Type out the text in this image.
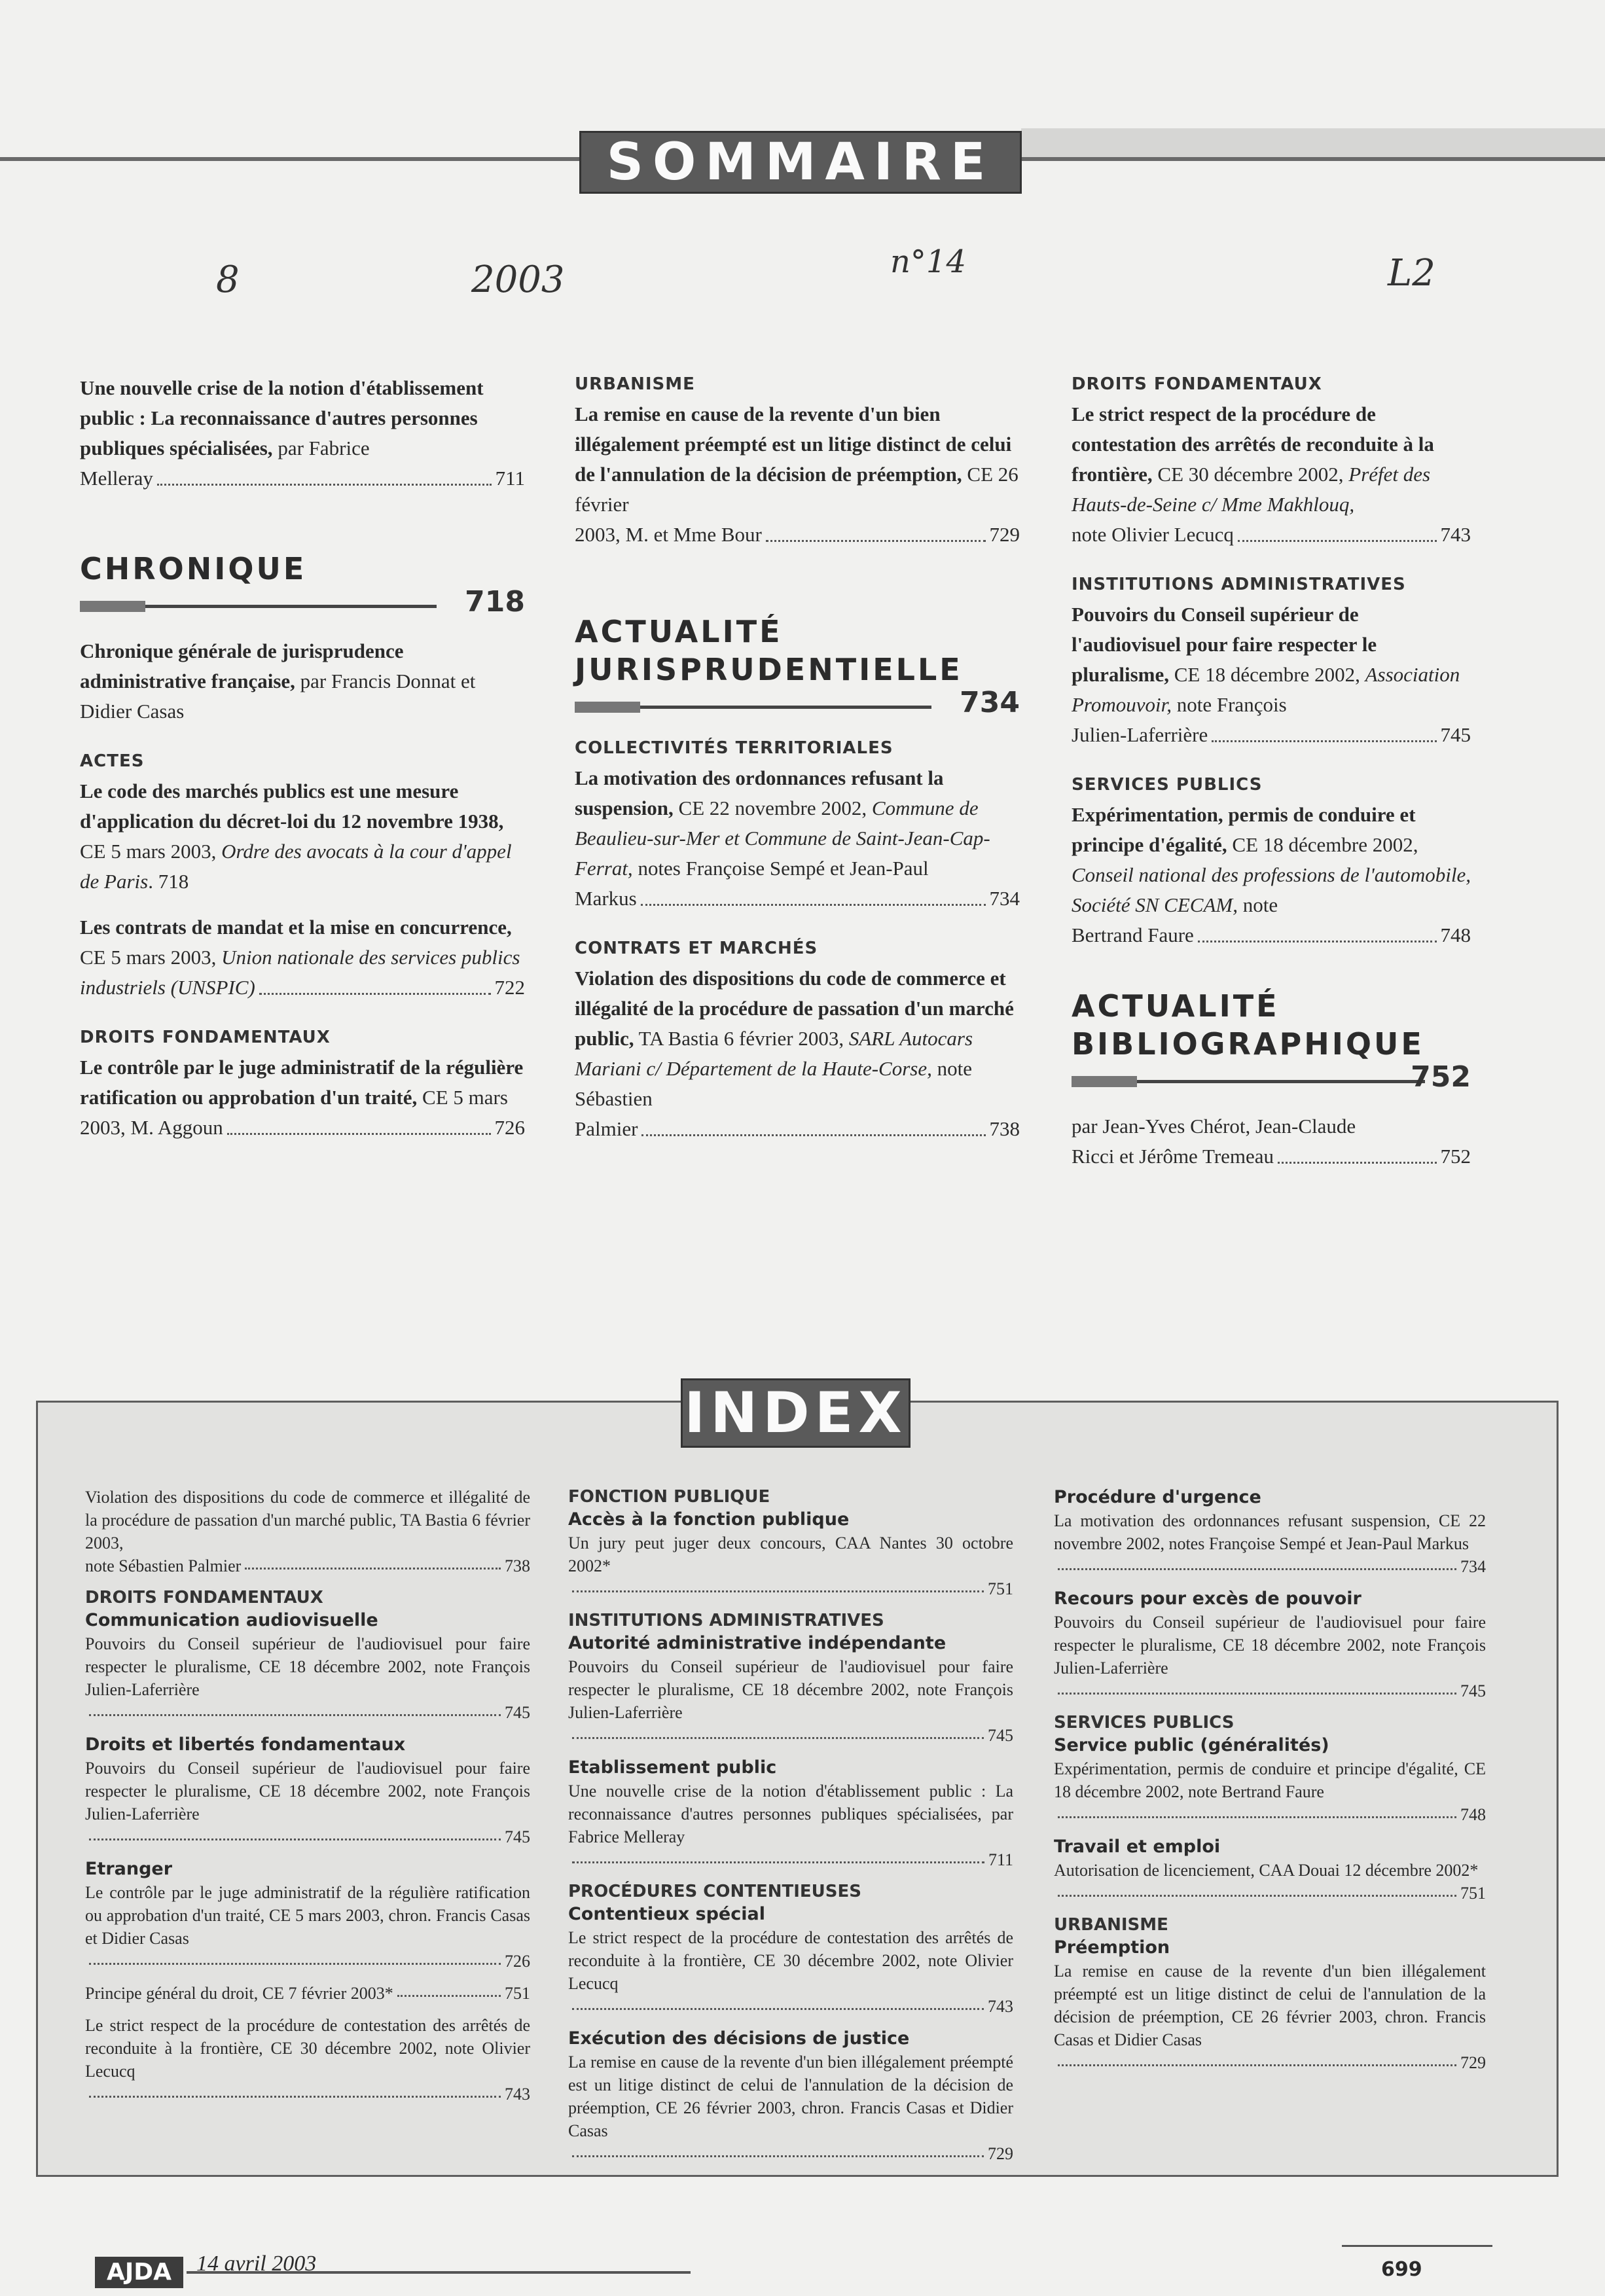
SOMMAIRE
8	2003	n°14	L2
Une nouvelle crise de la notion d'établissement public : La reconnaissance d'autres personnes publiques spécialisées, par Fabrice
Melleray	711
CHRONIQUE
718
Chronique générale de jurisprudence administrative française, par Francis Donnat et Didier Casas
ACTES
Le code des marchés publics est une mesure d'application du décret-loi du 12 novembre 1938, CE 5 mars 2003, Ordre des avocats à la cour d'appel de Paris. 718
Les contrats de mandat et la mise en concurrence, CE 5 mars 2003, Union nationale des services publics
industriels (UNSPIC)	722
DROITS FONDAMENTAUX
Le contrôle par le juge administratif de la régulière ratification ou approbation d'un traité, CE 5 mars
2003, M. Aggoun	726
URBANISME
La remise en cause de la revente d'un bien illégalement préempté est un litige distinct de celui de l'annulation de la décision de préemption, CE 26 février
2003, M. et Mme Bour	729
ACTUALITÉ
JURISPRUDENTIELLE
734
COLLECTIVITÉS TERRITORIALES
La motivation des ordonnances refusant la suspension, CE 22 novembre 2002, Commune de Beaulieu-sur-Mer et Commune de Saint-Jean-Cap-Ferrat, notes Françoise Sempé et Jean-Paul
Markus	734
CONTRATS ET MARCHÉS
Violation des dispositions du code de commerce et illégalité de la procédure de passation d'un marché public, TA Bastia 6 février 2003, SARL Autocars Mariani c/ Département de la Haute-Corse, note Sébastien
Palmier	738
DROITS FONDAMENTAUX
Le strict respect de la procédure de contestation des arrêtés de reconduite à la frontière, CE 30 décembre 2002, Préfet des Hauts-de-Seine c/ Mme Makhlouq,
note Olivier Lecucq	743
INSTITUTIONS ADMINISTRATIVES
Pouvoirs du Conseil supérieur de l'audiovisuel pour faire respecter le pluralisme, CE 18 décembre 2002, Association Promouvoir, note François
Julien-Laferrière	745
SERVICES PUBLICS
Expérimentation, permis de conduire et principe d'égalité, CE 18 décembre 2002, Conseil national des professions de l'automobile, Société SN CECAM, note
Bertrand Faure	748
ACTUALITÉ
BIBLIOGRAPHIQUE
752
par Jean-Yves Chérot, Jean-Claude
Ricci et Jérôme Tremeau	752
INDEX
Violation des dispositions du code de commerce et illégalité de la procédure de passation d'un marché public, TA Bastia 6 février 2003,
note Sébastien Palmier	738
DROITS FONDAMENTAUX
Communication audiovisuelle
Pouvoirs du Conseil supérieur de l'audiovisuel pour faire respecter le pluralisme, CE 18 décembre 2002, note François Julien-Laferrière
745
Droits et libertés fondamentaux
Pouvoirs du Conseil supérieur de l'audiovisuel pour faire respecter le pluralisme, CE 18 décembre 2002, note François Julien-Laferrière
745
Etranger
Le contrôle par le juge administratif de la régulière ratification ou approbation d'un traité, CE 5 mars 2003, chron. Francis Casas et Didier Casas
726
Principe général du droit, CE 7 février 2003*	751
Le strict respect de la procédure de contestation des arrêtés de reconduite à la frontière, CE 30 décembre 2002, note Olivier Lecucq
743
FONCTION PUBLIQUE
Accès à la fonction publique
Un jury peut juger deux concours, CAA Nantes 30 octobre 2002*
751
INSTITUTIONS ADMINISTRATIVES
Autorité administrative indépendante
Pouvoirs du Conseil supérieur de l'audiovisuel pour faire respecter le pluralisme, CE 18 décembre 2002, note François Julien-Laferrière
745
Etablissement public
Une nouvelle crise de la notion d'établissement public : La reconnaissance d'autres personnes publiques spécialisées, par Fabrice Melleray
711
PROCÉDURES CONTENTIEUSES
Contentieux spécial
Le strict respect de la procédure de contestation des arrêtés de reconduite à la frontière, CE 30 décembre 2002, note Olivier Lecucq
743
Exécution des décisions de justice
La remise en cause de la revente d'un bien illégalement préempté est un litige distinct de celui de l'annulation de la décision de préemption, CE 26 février 2003, chron. Francis Casas et Didier Casas
729
Procédure d'urgence
La motivation des ordonnances refusant suspension, CE 22 novembre 2002, notes Françoise Sempé et Jean-Paul Markus
734
Recours pour excès de pouvoir
Pouvoirs du Conseil supérieur de l'audiovisuel pour faire respecter le pluralisme, CE 18 décembre 2002, note François Julien-Laferrière
745
SERVICES PUBLICS
Service public (généralités)
Expérimentation, permis de conduire et principe d'égalité, CE 18 décembre 2002, note Bertrand Faure
748
Travail et emploi
Autorisation de licenciement, CAA Douai 12 décembre 2002*
751
URBANISME
Préemption
La remise en cause de la revente d'un bien illégalement préempté est un litige distinct de celui de l'annulation de la décision de préemption, CE 26 février 2003, chron. Francis Casas et Didier Casas
729
AJDA	14 avril 2003	699
